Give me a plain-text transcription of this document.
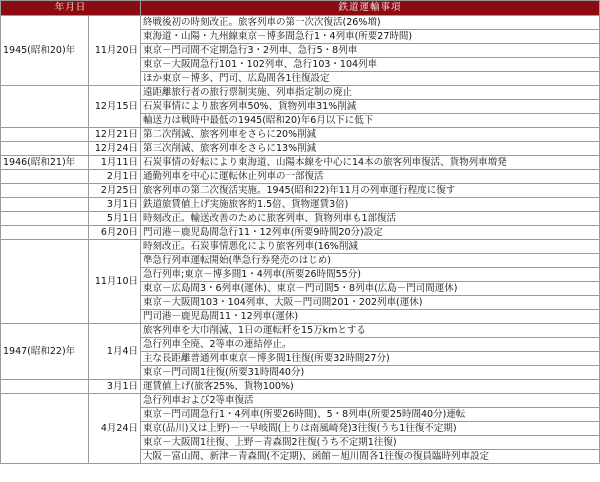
年月日		鉄道運輸事項
1945(昭和20)年	11月20日	終戦後初の時刻改正。旅客列車の第一次次復活(26%増)
		東海道・山陽・九州線東京－博多間急行1・4列車(所要27時間)
		東京－門司間不定期急行3・2列車、急行5・8列車
		東京－大阪間急行101・102列車、急行103・104列車
		ほか東京－博多、門司、広島間各1往復設定
	12月15日	遠距離旅行者の旅行票制実施、列車指定制の廃止
		石炭事情により旅客列車50%、貨物列車31%削減
		輸送力は戦時中最低の1945(昭和20)年6月以下に低下
	12月21日	第二次削減、旅客列車をさらに20%削減
	12月24日	第三次削減、旅客列車をさらに13%削減
1946(昭和21)年	1月11日	石炭事情の好転により東海道、山陽本線を中心に14本の旅客列車復活、貨物列車増発
	2月1日	通勤列車を中心に運転休止列車の一部復活
	2月25日	旅客列車の第二次復活実施。1945(昭和22)年11月の列車運行程度に復す
	3月1日	鉄道旅賃値上げ実施旅客約1.5倍、貨物運賃3倍)
	5月1日	時刻改正。輸送改善のために旅客列車、貨物列車も1部復活
	6月20日	門司港－鹿児島間急行11・12列車(所要9時間20分)設定
	11月10日	時刻改正。石炭事情悪化により旅客列車(16%削減
		準急行列車運転開始(準急行券発売のはじめ)
		急行列車;東京－博多間1・4列車(所要26時間55分)
		東京－広島間3・6列車(運休)、東京－門司間5・8列車(広島－門司間運休)
		東京－大阪間103・104列車、大阪－門司間201・202列車(運休)
		門司港－鹿児島間11・12列車(運休)
1947(昭和22)年	1月4日	旅客列車を大巾削減、1日の運転粁を15万kmとする
		急行列車全廃、2等車の連結停止。
		主な長距離普通列車東京－博多間1往復(所要32時間27分)
		東京－門司間1往復(所要31時間40分)
	3月1日	運賃値上げ(旅客25%、貨物100%)
	4月24日	急行列車および2等車復活
		東京－門司間急行1・4列車(所要26時間)、5・8列車(所要25時間40分)連転
		東京(品川)又は上野)－一早岐間(上りは南風崎発)3往復(うち1往復不定期)
		東京－大阪間1往復、上野－青森間2往復(うち不定期1往復)
		大阪－富山間、新津－青森間(不定期)、函館－旭川間各1往復の復員臨時列車設定
